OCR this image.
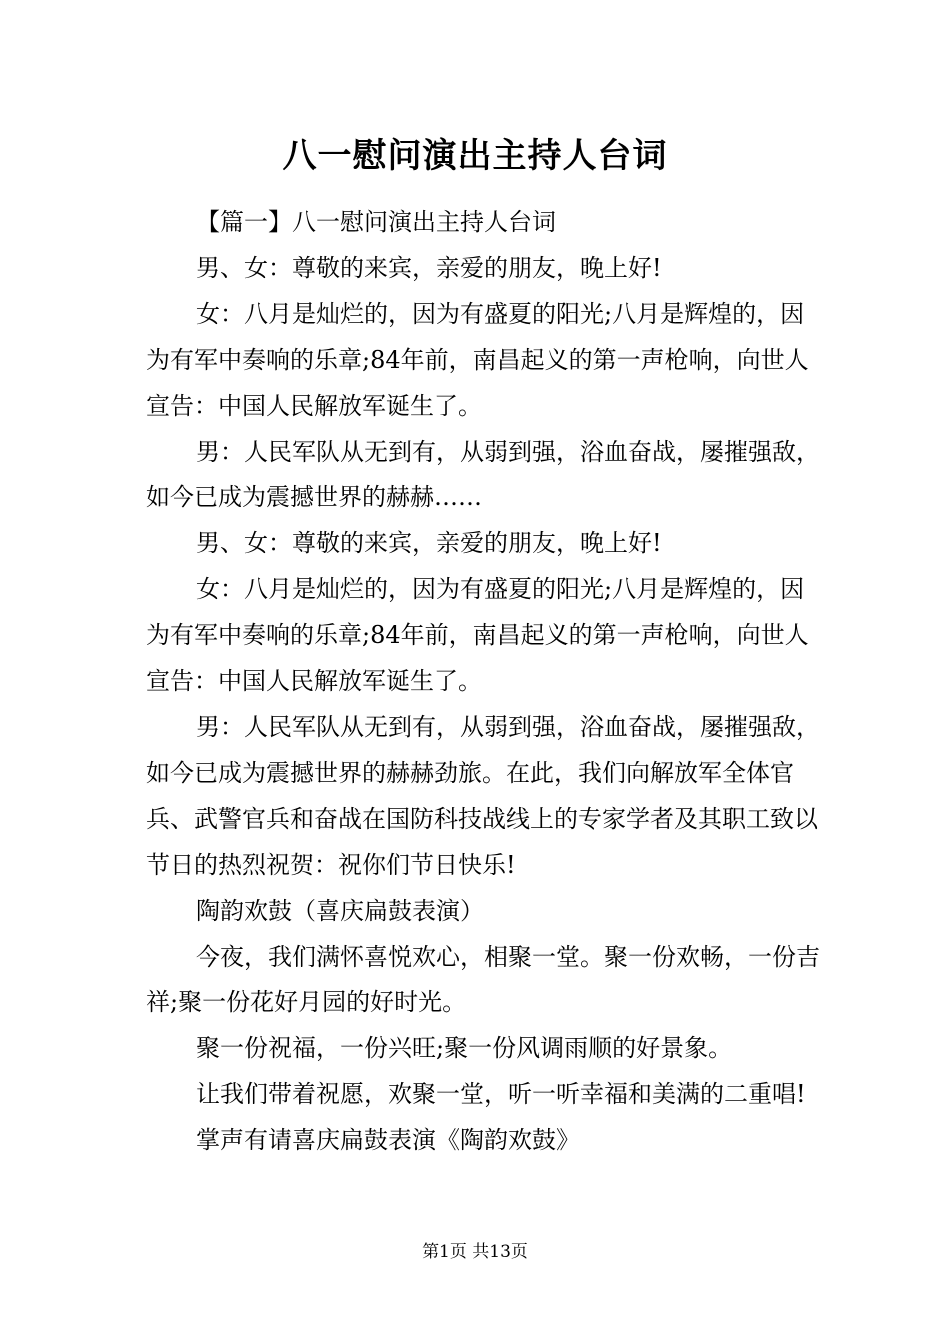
八一慰问演出主持人台词

【篇一】八一慰问演出主持人台词

男、女：尊敬的来宾，亲爱的朋友，晚上好!

女：八月是灿烂的，因为有盛夏的阳光;八月是辉煌的，因为有军中奏响的乐章;84年前，南昌起义的第一声枪响，向世人宣告：中国人民解放军诞生了。

男：人民军队从无到有，从弱到强，浴血奋战，屡摧强敌，如今已成为震撼世界的赫赫……

男、女：尊敬的来宾，亲爱的朋友，晚上好!

女：八月是灿烂的，因为有盛夏的阳光;八月是辉煌的，因为有军中奏响的乐章;84年前，南昌起义的第一声枪响，向世人宣告：中国人民解放军诞生了。

男：人民军队从无到有，从弱到强，浴血奋战，屡摧强敌，如今已成为震撼世界的赫赫劲旅。在此，我们向解放军全体官兵、武警官兵和奋战在国防科技战线上的专家学者及其职工致以节日的热烈祝贺：祝你们节日快乐!

陶韵欢鼓（喜庆扁鼓表演）

今夜，我们满怀喜悦欢心，相聚一堂。聚一份欢畅，一份吉祥;聚一份花好月园的好时光。

聚一份祝福，一份兴旺;聚一份风调雨顺的好景象。

让我们带着祝愿，欢聚一堂，听一听幸福和美满的二重唱!

掌声有请喜庆扁鼓表演《陶韵欢鼓》

第1页 共13页
